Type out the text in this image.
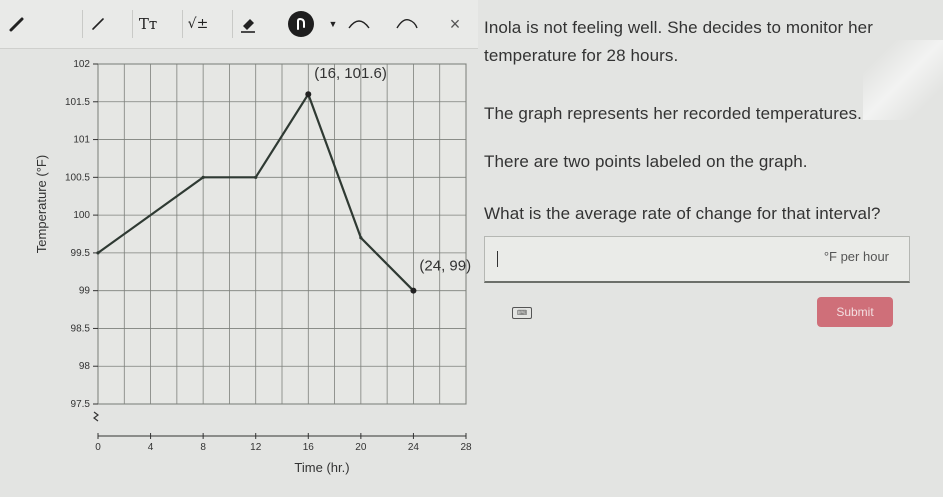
Tт √±	▼	×
97.5
98
98.5
99
99.5
100
100.5
101
101.5
102
0	4	8	12	16	20	24	28
Time (hr.)
Temperature (°F)
(16, 101.6)
(24, 99)
Inola is not feeling well. She decides to monitor her
temperature for 28 hours.
The graph represents her recorded temperatures.
There are two points labeled on the graph.
What is the average rate of change for that interval?
°F per hour
⌨	Submit
